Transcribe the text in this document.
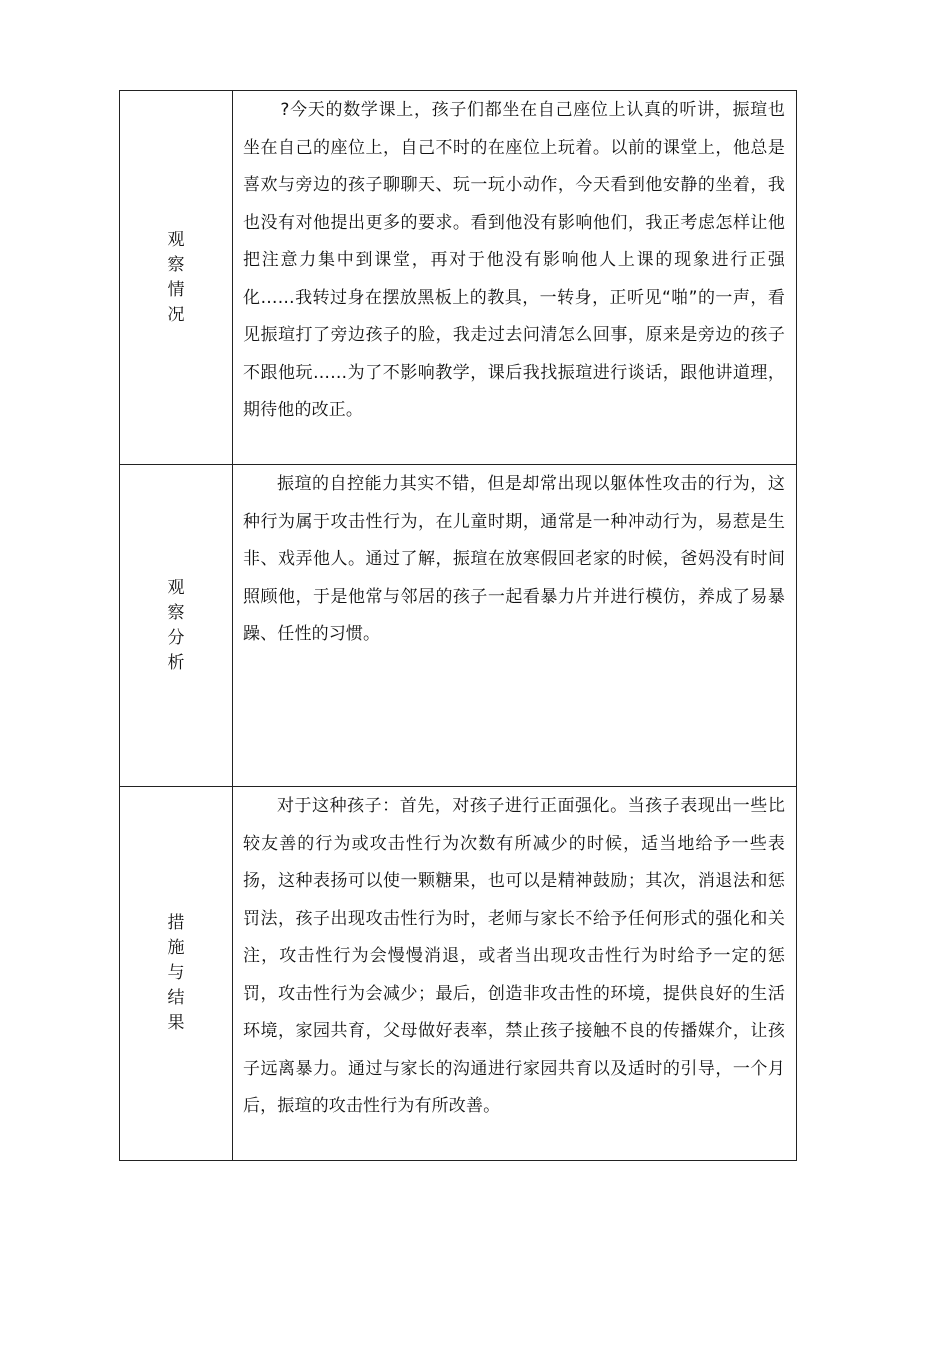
观察情况	?今天的数学课上，孩子们都坐在自己座位上认真的听讲，振瑄也坐在自己的座位上，自己不时的在座位上玩着。以前的课堂上，他总是喜欢与旁边的孩子聊聊天、玩一玩小动作，今天看到他安静的坐着，我也没有对他提出更多的要求。看到他没有影响他们，我正考虑怎样让他把注意力集中到课堂，再对于他没有影响他人上课的现象进行正强化……我转过身在摆放黑板上的教具，一转身，正听见“啪”的一声，看见振瑄打了旁边孩子的脸，我走过去问清怎么回事，原来是旁边的孩子不跟他玩……为了不影响教学，课后我找振瑄进行谈话，跟他讲道理，期待他的改正。

观察分析	振瑄的自控能力其实不错，但是却常出现以躯体性攻击的行为，这种行为属于攻击性行为，在儿童时期，通常是一种冲动行为，易惹是生非、戏弄他人。通过了解，振瑄在放寒假回老家的时候，爸妈没有时间照顾他，于是他常与邻居的孩子一起看暴力片并进行模仿，养成了易暴躁、任性的习惯。

措施与结果	对于这种孩子：首先，对孩子进行正面强化。当孩子表现出一些比较友善的行为或攻击性行为次数有所减少的时候，适当地给予一些表扬，这种表扬可以使一颗糖果，也可以是精神鼓励；其次，消退法和惩罚法，孩子出现攻击性行为时，老师与家长不给予任何形式的强化和关注，攻击性行为会慢慢消退，或者当出现攻击性行为时给予一定的惩罚，攻击性行为会减少；最后，创造非攻击性的环境，提供良好的生活环境，家园共育，父母做好表率，禁止孩子接触不良的传播媒介，让孩子远离暴力。通过与家长的沟通进行家园共育以及适时的引导，一个月后，振瑄的攻击性行为有所改善。
